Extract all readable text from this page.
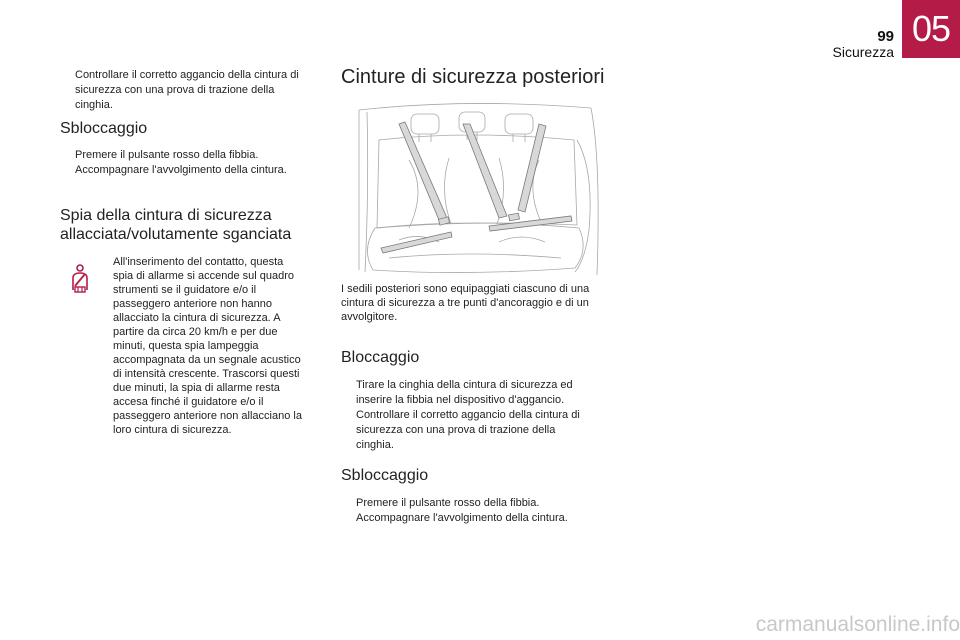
99
Sicurezza
05
Controllare il corretto aggancio della cintura di sicurezza con una prova di trazione della cinghia.
Sbloccaggio
Premere il pulsante rosso della fibbia.
Accompagnare l'avvolgimento della cintura.
Spia della cintura di sicurezza allacciata/volutamente sganciata

All'inserimento del contatto, questa spia di allarme si accende sul quadro strumenti se il guidatore e/o il passeggero anteriore non hanno allacciato la cintura di sicurezza. A partire da circa 20 km/h e per due minuti, questa spia lampeggia accompagnata da un segnale acustico di intensità crescente. Trascorsi questi due minuti, la spia di allarme resta accesa finché il guidatore e/o il passeggero anteriore non allacciano la loro cintura di sicurezza.

Cinture di sicurezza posteriori

I sedili posteriori sono equipaggiati ciascuno di una cintura di sicurezza a tre punti d'ancoraggio e di un avvolgitore.

Bloccaggio
Tirare la cinghia della cintura di sicurezza ed inserire la fibbia nel dispositivo d'aggancio.
Controllare il corretto aggancio della cintura di sicurezza con una prova di trazione della cinghia.
Sbloccaggio
Premere il pulsante rosso della fibbia.
Accompagnare l'avvolgimento della cintura.
carmanualsonline.info
